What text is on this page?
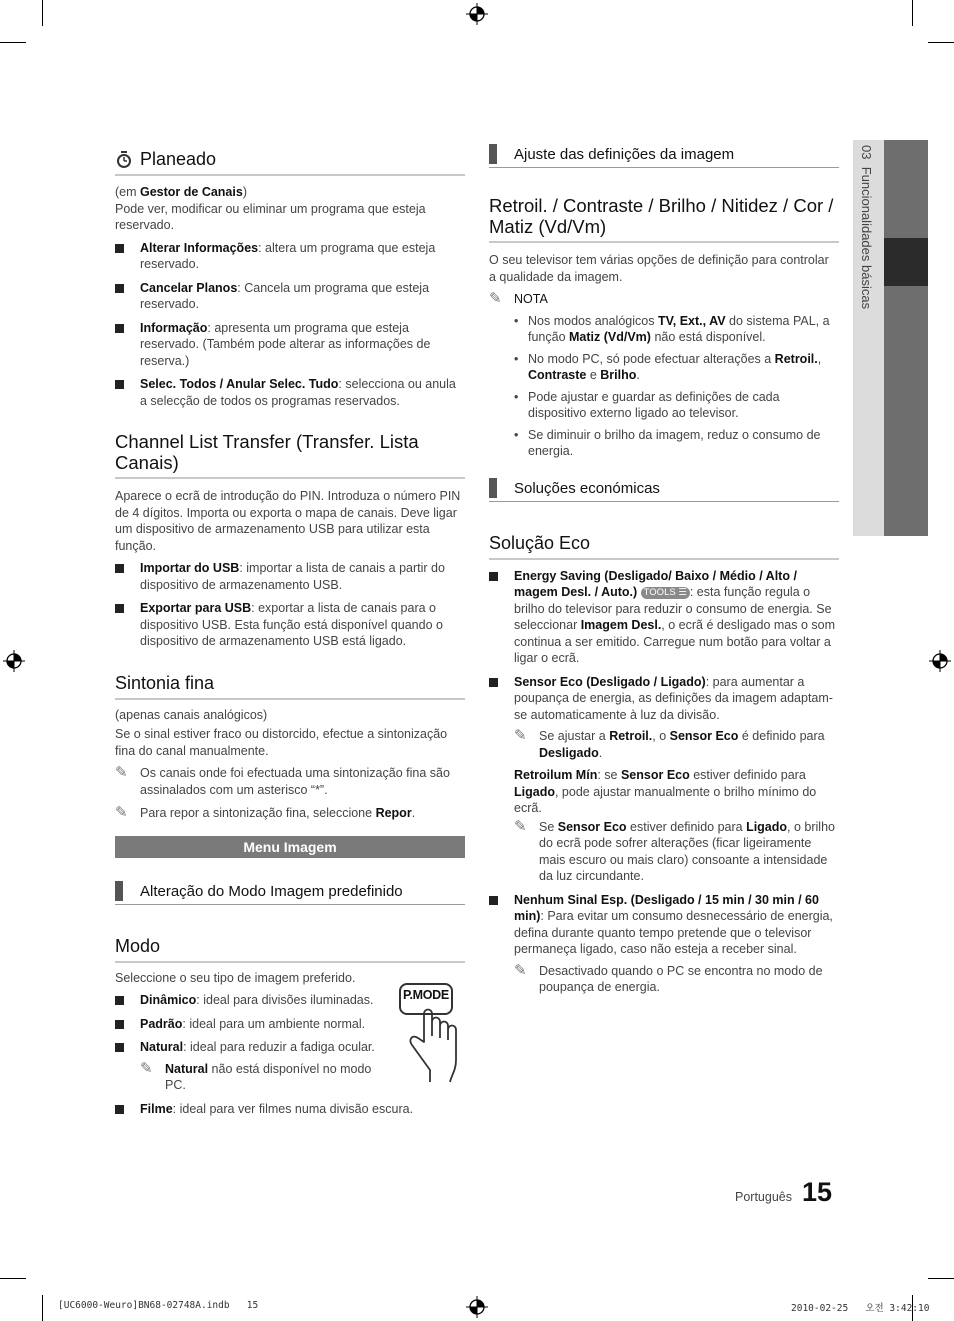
03  Funcionalidades básicas
Planeado

(em Gestor de Canais)

Pode ver, modificar ou eliminar um programa que esteja reservado.

Alterar Informações: altera um programa que esteja reservado.
Cancelar Planos: Cancela um programa que esteja reservado.
Informação: apresenta um programa que esteja reservado. (Também pode alterar as informações de reserva.)
Selec. Todos / Anular Selec. Tudo: selecciona ou anula a selecção de todos os programas reservados.
Channel List Transfer (Transfer. Lista Canais)

Aparece o ecrã de introdução do PIN. Introduza o número PIN de 4 dígitos. Importa ou exporta o mapa de canais. Deve ligar um dispositivo de armazenamento USB para utilizar esta função.

Importar do USB: importar a lista de canais a partir do dispositivo de armazenamento USB.
Exportar para USB: exportar a lista de canais para o dispositivo USB. Esta função está disponível quando o dispositivo de armazenamento USB está ligado.
Sintonia fina

(apenas canais analógicos)

Se o sinal estiver fraco ou distorcido, efectue a sintonização fina do canal manualmente.

✎ Os canais onde foi efectuada uma sintonização fina são assinalados com um asterisco “*”.
✎ Para repor a sintonização fina, seleccione Repor.
Menu Imagem
Alteração do Modo Imagem predefinido
Modo
P.MODE

Seleccione o seu tipo de imagem preferido.

Dinâmico: ideal para divisões iluminadas.
Padrão: ideal para um ambiente normal.
Natural: ideal para reduzir a fadiga ocular.
✎ Natural não está disponível no modo PC.
Filme: ideal para ver filmes numa divisão escura.
Ajuste das definições da imagem
Retroil. / Contraste / Brilho / Nitidez / Cor / Matiz (Vd/Vm)

O seu televisor tem várias opções de definição para controlar a qualidade da imagem.

✎ NOTA
• Nos modos analógicos TV, Ext., AV do sistema PAL, a função Matiz (Vd/Vm) não está disponível.
• No modo PC, só pode efectuar alterações a Retroil., Contraste e Brilho.
• Pode ajustar e guardar as definições de cada dispositivo externo ligado ao televisor.
• Se diminuir o brilho da imagem, reduz o consumo de energia.
Soluções económicas
Solução Eco
Energy Saving (Desligado/ Baixo / Médio / Alto / magem Desl. / Auto.) TOOLS ☰ : esta função regula o brilho do televisor para reduzir o consumo de energia. Se seleccionar Imagem Desl., o ecrã é desligado mas o som continua a ser emitido. Carregue num botão para voltar a ligar o ecrã.
Sensor Eco (Desligado / Ligado): para aumentar a poupança de energia, as definições da imagem adaptam-se automaticamente à luz da divisão.
✎ Se ajustar a Retroil., o Sensor Eco é definido para Desligado.

Retroilum Mín: se Sensor Eco estiver definido para Ligado, pode ajustar manualmente o brilho mínimo do ecrã.

✎ Se Sensor Eco estiver definido para Ligado, o brilho do ecrã pode sofrer alterações (ficar ligeiramente mais escuro ou mais claro) consoante a intensidade da luz circundante.
Nenhum Sinal Esp. (Desligado / 15 min / 30 min / 60 min): Para evitar um consumo desnecessário de energia, defina durante quanto tempo pretende que o televisor permaneça ligado, caso não esteja a receber sinal.
✎ Desactivado quando o PC se encontra no modo de poupança de energia.
Português 15
[UC6000-Weuro]BN68-02748A.indb   15	2010-02-25   오전 3:42:10
